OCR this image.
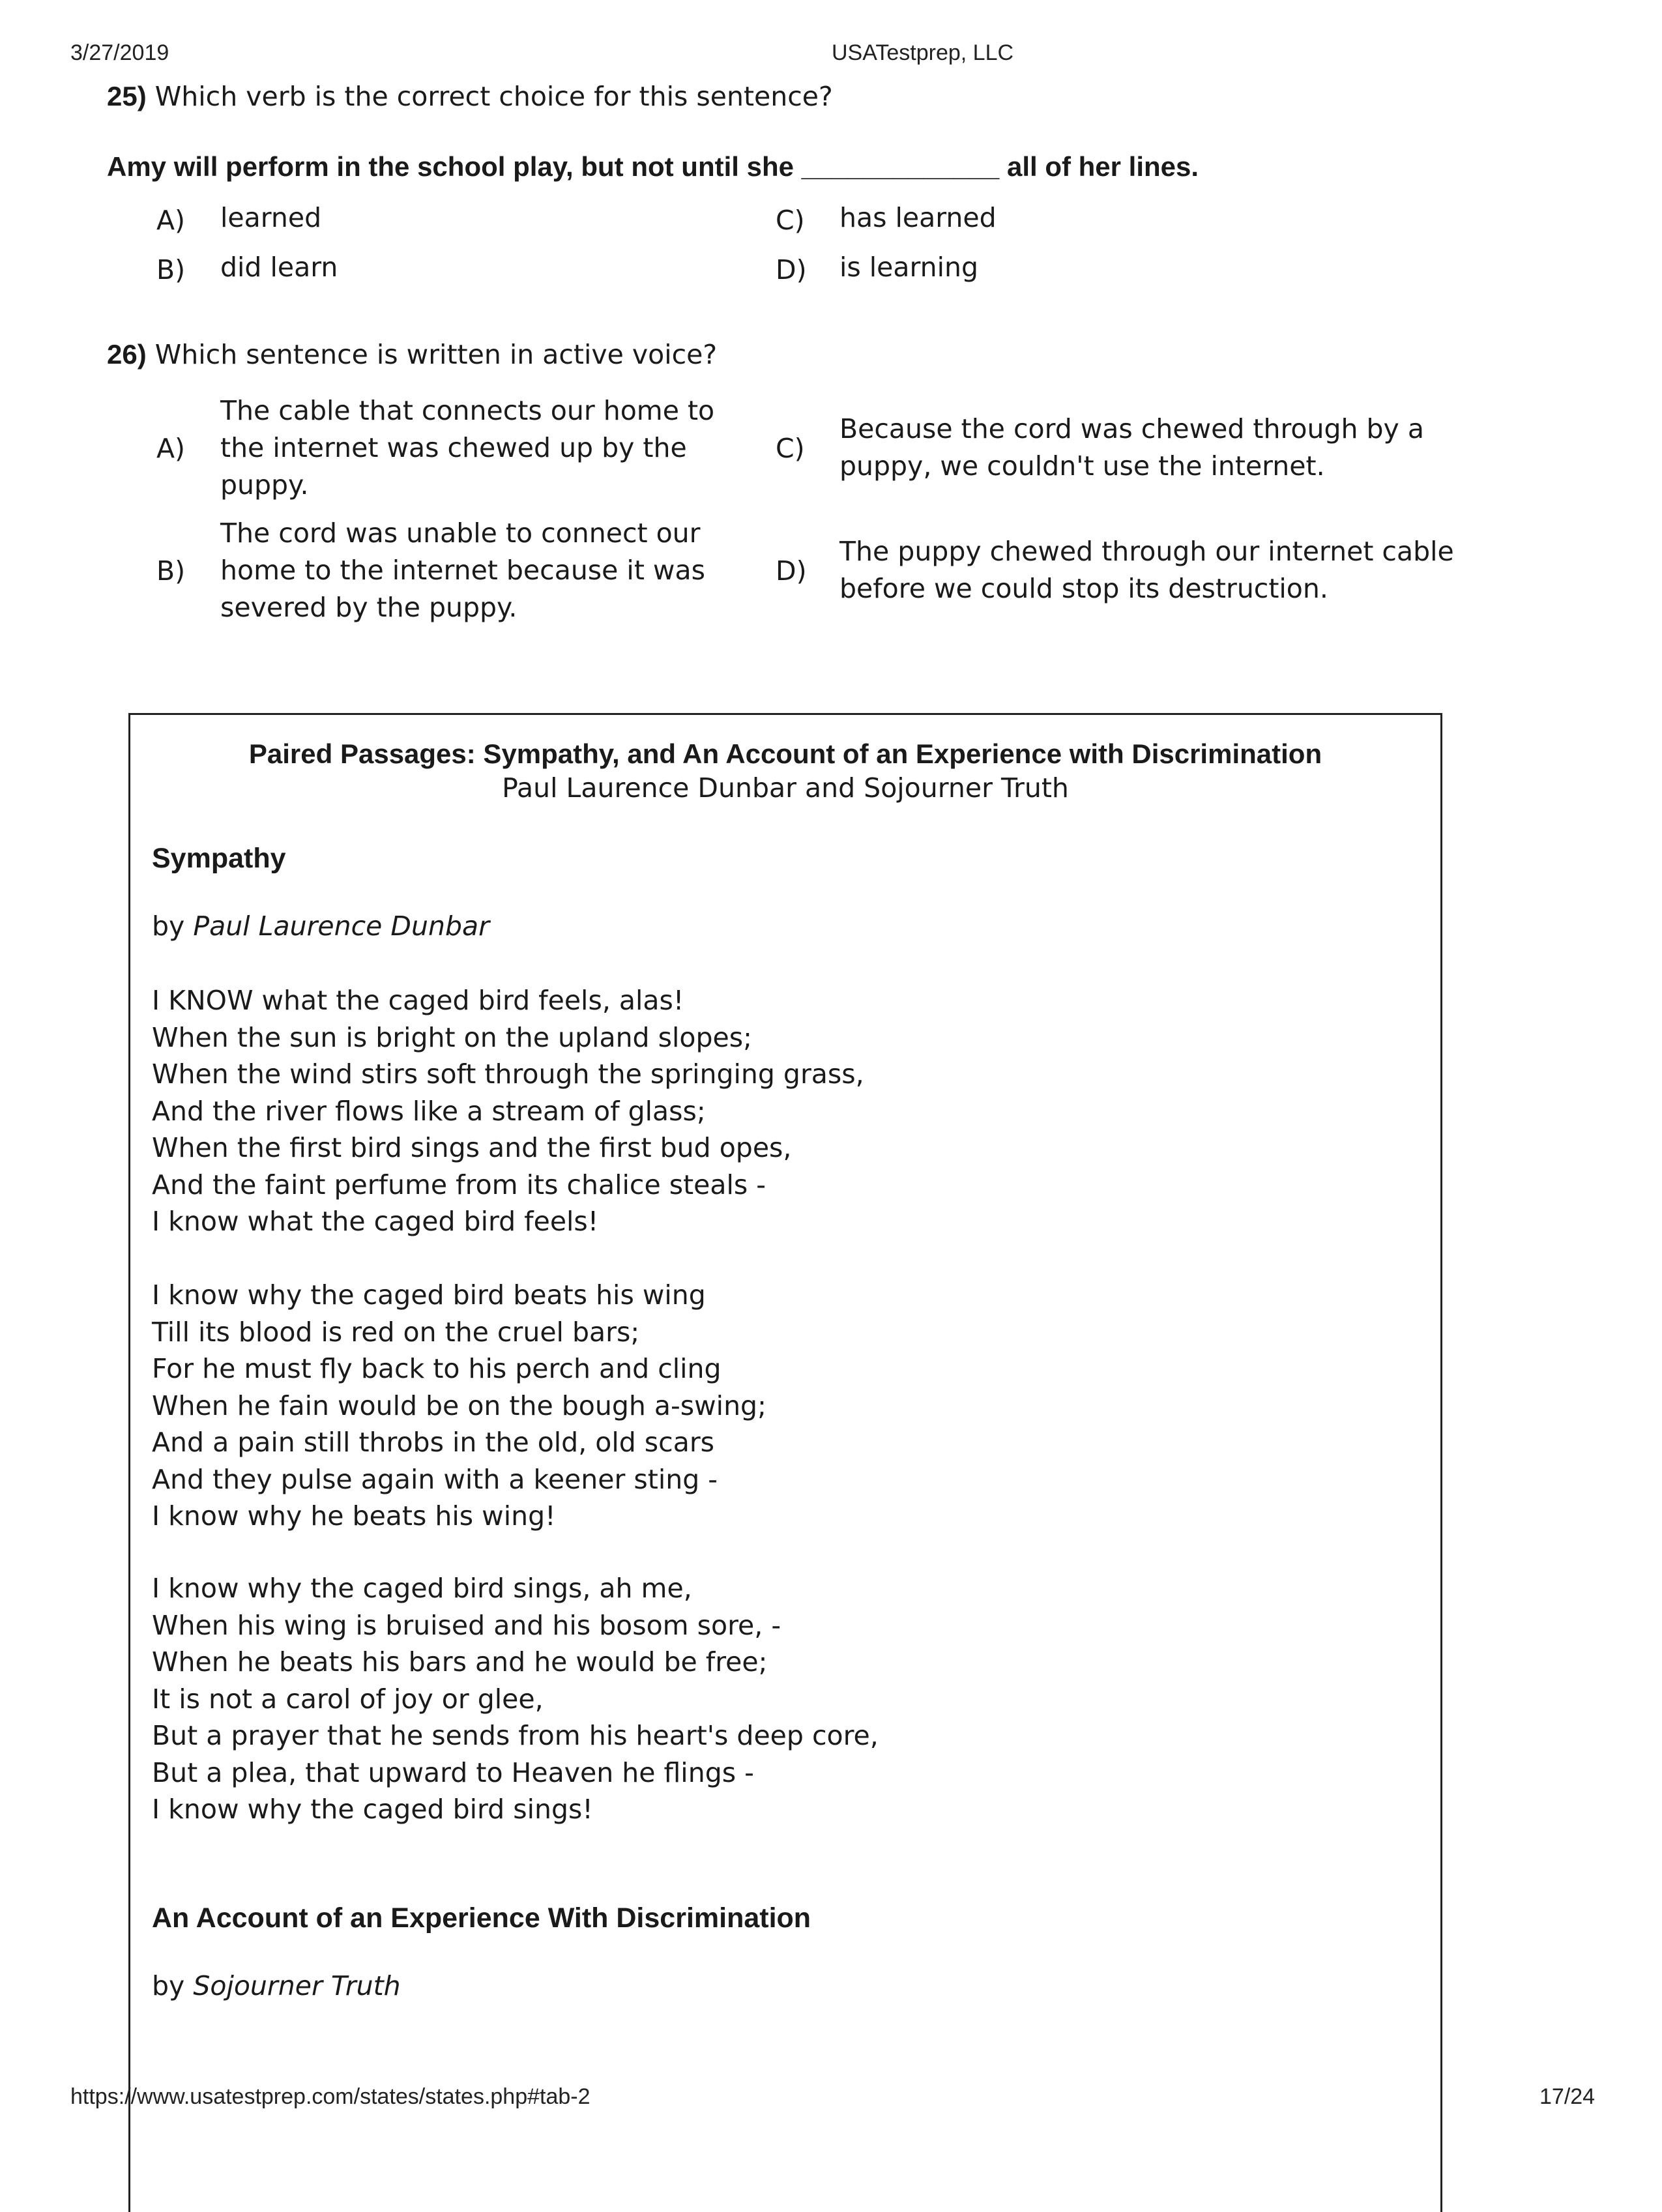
3/27/2019	USATestprep, LLC
25) Which verb is the correct choice for this sentence?
Amy will perform in the school play, but not until she _____________ all of her lines.
A) learned
B) did learn
C) has learned
D) is learning
26) Which sentence is written in active voice?
A)
The cable that connects our home to
the internet was chewed up by the
puppy.
B)
The cord was unable to connect our
home to the internet because it was
severed by the puppy.
C)
Because the cord was chewed through by a
puppy, we couldn't use the internet.
D)
The puppy chewed through our internet cable
before we could stop its destruction.
Paired Passages: Sympathy, and An Account of an Experience with Discrimination
Paul Laurence Dunbar and Sojourner Truth
Sympathy
by Paul Laurence Dunbar
I KNOW what the caged bird feels, alas!
When the sun is bright on the upland slopes;
When the wind stirs soft through the springing grass,
And the river flows like a stream of glass;
When the first bird sings and the first bud opes,
And the faint perfume from its chalice steals -
I know what the caged bird feels!
I know why the caged bird beats his wing
Till its blood is red on the cruel bars;
For he must fly back to his perch and cling
When he fain would be on the bough a-swing;
And a pain still throbs in the old, old scars
And they pulse again with a keener sting -
I know why he beats his wing!
I know why the caged bird sings, ah me,
When his wing is bruised and his bosom sore, -
When he beats his bars and he would be free;
It is not a carol of joy or glee,
But a prayer that he sends from his heart's deep core,
But a plea, that upward to Heaven he flings -
I know why the caged bird sings!
An Account of an Experience With Discrimination
by Sojourner Truth
https://www.usatestprep.com/states/states.php#tab-2	17/24
